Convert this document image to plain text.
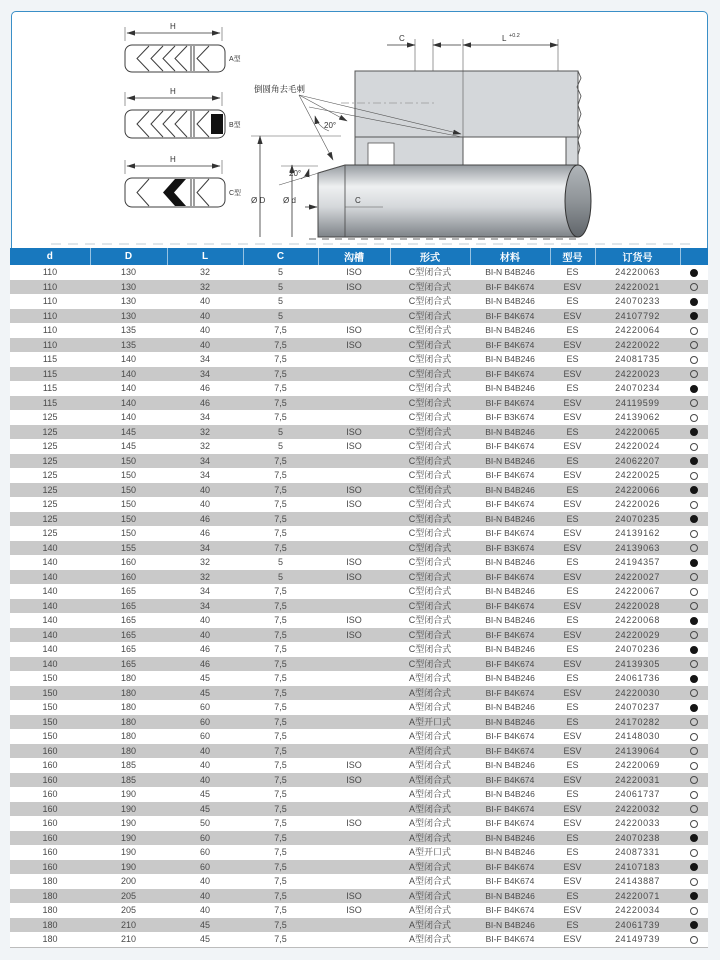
H
A型
H
B型
H
C型
C	L +0.2
倒圆角去毛刺
20°
20°
Ø D Ø d	C
d	D	L	C	沟槽	形式	材料	型号	订货号	
110	130	32	5	ISO	C型闭合式	BI-N B4B246	ES	24220063	
110	130	32	5	ISO	C型闭合式	BI-F B4K674	ESV	24220021	
110	130	40	5		C型闭合式	BI-N B4B246	ES	24070233	
110	130	40	5		C型闭合式	BI-F B4K674	ESV	24107792	
110	135	40	7,5	ISO	C型闭合式	BI-N B4B246	ES	24220064	
110	135	40	7,5	ISO	C型闭合式	BI-F B4K674	ESV	24220022	
115	140	34	7,5		C型闭合式	BI-N B4B246	ES	24081735	
115	140	34	7,5		C型闭合式	BI-F B4K674	ESV	24220023	
115	140	46	7,5		C型闭合式	BI-N B4B246	ES	24070234	
115	140	46	7,5		C型闭合式	BI-F B4K674	ESV	24119599	
125	140	34	7,5		C型闭合式	BI-F B3K674	ESV	24139062	
125	145	32	5	ISO	C型闭合式	BI-N B4B246	ES	24220065	
125	145	32	5	ISO	C型闭合式	BI-F B4K674	ESV	24220024	
125	150	34	7,5		C型闭合式	BI-N B4B246	ES	24062207	
125	150	34	7,5		C型闭合式	BI-F B4K674	ESV	24220025	
125	150	40	7,5	ISO	C型闭合式	BI-N B4B246	ES	24220066	
125	150	40	7,5	ISO	C型闭合式	BI-F B4K674	ESV	24220026	
125	150	46	7,5		C型闭合式	BI-N B4B246	ES	24070235	
125	150	46	7,5		C型闭合式	BI-F B4K674	ESV	24139162	
140	155	34	7,5		C型闭合式	BI-F B3K674	ESV	24139063	
140	160	32	5	ISO	C型闭合式	BI-N B4B246	ES	24194357	
140	160	32	5	ISO	C型闭合式	BI-F B4K674	ESV	24220027	
140	165	34	7,5		C型闭合式	BI-N B4B246	ES	24220067	
140	165	34	7,5		C型闭合式	BI-F B4K674	ESV	24220028	
140	165	40	7,5	ISO	C型闭合式	BI-N B4B246	ES	24220068	
140	165	40	7,5	ISO	C型闭合式	BI-F B4K674	ESV	24220029	
140	165	46	7,5		C型闭合式	BI-N B4B246	ES	24070236	
140	165	46	7,5		C型闭合式	BI-F B4K674	ESV	24139305	
150	180	45	7,5		A型闭合式	BI-N B4B246	ES	24061736	
150	180	45	7,5		A型闭合式	BI-F B4K674	ESV	24220030	
150	180	60	7,5		A型闭合式	BI-N B4B246	ES	24070237	
150	180	60	7,5		A型开口式	BI-N B4B246	ES	24170282	
150	180	60	7,5		A型闭合式	BI-F B4K674	ESV	24148030	
160	180	40	7,5		A型闭合式	BI-F B4K674	ESV	24139064	
160	185	40	7,5	ISO	A型闭合式	BI-N B4B246	ES	24220069	
160	185	40	7,5	ISO	A型闭合式	BI-F B4K674	ESV	24220031	
160	190	45	7,5		A型闭合式	BI-N B4B246	ES	24061737	
160	190	45	7,5		A型闭合式	BI-F B4K674	ESV	24220032	
160	190	50	7,5	ISO	A型闭合式	BI-F B4K674	ESV	24220033	
160	190	60	7,5		A型闭合式	BI-N B4B246	ES	24070238	
160	190	60	7,5		A型开口式	BI-N B4B246	ES	24087331	
160	190	60	7,5		A型闭合式	BI-F B4K674	ESV	24107183	
180	200	40	7,5		A型闭合式	BI-F B4K674	ESV	24143887	
180	205	40	7,5	ISO	A型闭合式	BI-N B4B246	ES	24220071	
180	205	40	7,5	ISO	A型闭合式	BI-F B4K674	ESV	24220034	
180	210	45	7,5		A型闭合式	BI-N B4B246	ES	24061739	
180	210	45	7,5		A型闭合式	BI-F B4K674	ESV	24149739	
